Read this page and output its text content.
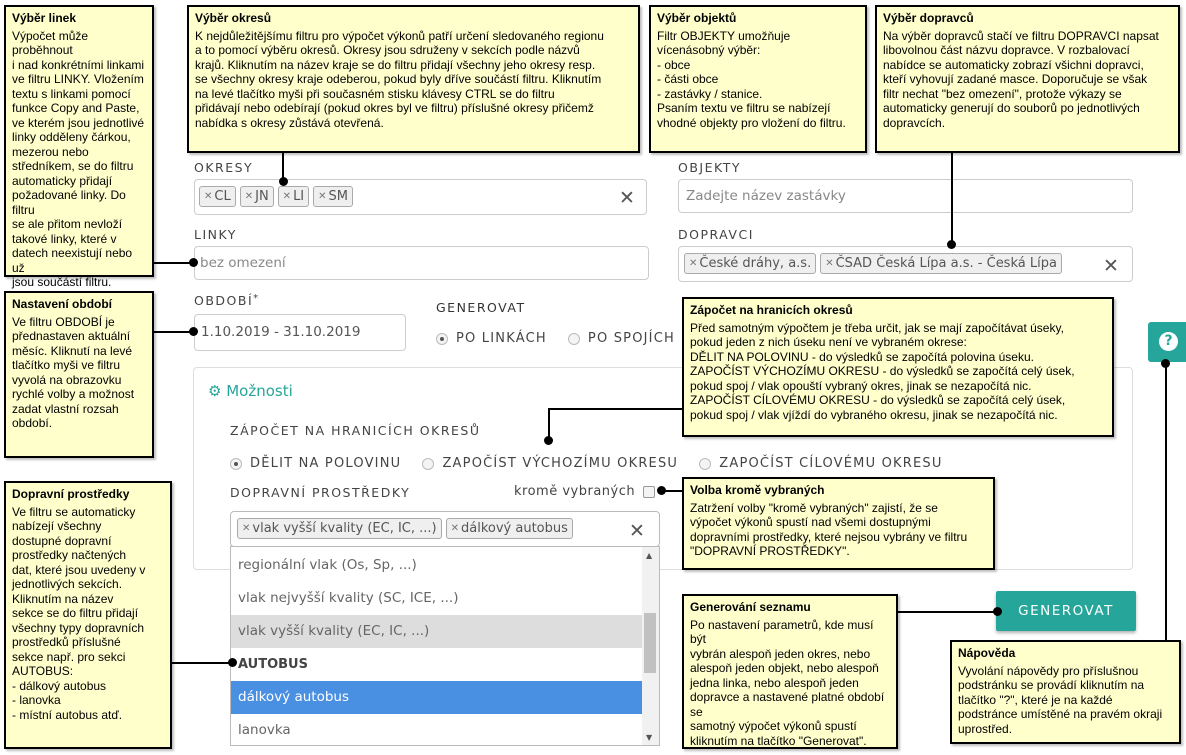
OKRESY
✕ CL ✕ JN ✕ LI ✕ SM	✕
OBJEKTY
Zadejte název zastávky
LINKY
bez omezení
DOPRAVCI
✕ České dráhy, a.s. ✕ ČSAD Česká Lípa a.s. - Česká Lípa ✕
OBDOBÍ*
1.10.2019 - 31.10.2019
GENEROVAT
PO LINKÁCH	PO SPOJÍCH
⚙ Možnosti
ZÁPOČET NA HRANICÍCH OKRESŮ
DĚLIT NA POLOVINU	ZAPOČÍST VÝCHOZÍMU OKRESU	ZAPOČÍST CÍLOVÉMU OKRESU
DOPRAVNÍ PROSTŘEDKY	kromě vybraných
✕ vlak vyšší kvality (EC, IC, ...) ✕ dálkový autobus	✕
regionální vlak (Os, Sp, ...)
vlak nejvyšší kvality (SC, ICE, ...)
vlak vyšší kvality (EC, IC, ...)
AUTOBUS
dálkový autobus
lanovka
▲
▼
GENEROVAT
?
Výběr linek
Výpočet může proběhnout
i nad konkrétními linkami
ve filtru LINKY. Vložením
textu s linkami pomocí
funkce Copy and Paste,
ve kterém jsou jednotlivé
linky odděleny čárkou,
mezerou nebo
středníkem, se do filtru
automaticky přidají
požadované linky. Do filtru
se ale přitom nevloží
takové linky, které v
datech neexistují nebo už
jsou součástí filtru.
Výběr okresů
K nejdůležitějšímu filtru pro výpočet výkonů patří určení sledovaného regionu
a to pomocí výběru okresů. Okresy jsou sdruženy v sekcích podle názvů
krajů. Kliknutím na název kraje se do filtru přidají všechny jeho okresy resp.
se všechny okresy kraje odeberou, pokud byly dříve součástí filtru. Kliknutím
na levé tlačítko myši při současném stisku klávesy CTRL se do filtru
přidávají nebo odebírají (pokud okres byl ve filtru) příslušné okresy přičemž
nabídka s okresy zůstává otevřená.
Výběr objektů
Filtr OBJEKTY umožňuje
vícenásobný výběr:
- obce
- části obce
- zastávky / stanice.
Psaním textu ve filtru se nabízejí
vhodné objekty pro vložení do filtru.
Výběr dopravců
Na výběr dopravců stačí ve filtru DOPRAVCI napsat
libovolnou část názvu dopravce. V rozbalovací
nabídce se automaticky zobrazí všichni dopravci,
kteří vyhovují zadané masce. Doporučuje se však
filtr nechat "bez omezení", protože výkazy se
automaticky generují do souborů po jednotlivých
dopravcích.
Nastavení období
Ve filtru OBDOBÍ je
přednastaven aktuální
měsíc. Kliknutí na levé
tlačítko myši ve filtru
vyvolá na obrazovku
rychlé volby a možnost
zadat vlastní rozsah
období.
Zápočet na hranicích okresů
Před samotným výpočtem je třeba určit, jak se mají započítávat úseky,
pokud jeden z nich úseku není ve vybraném okrese:
DĚLIT NA POLOVINU - do výsledků se započítá polovina úseku.
ZAPOČÍST VÝCHOZÍMU OKRESU - do výsledků se započítá celý úsek,
pokud spoj / vlak opouští vybraný okres, jinak se nezapočítá nic.
ZAPOČÍST CÍLOVÉMU OKRESU - do výsledků se započítá celý úsek,
pokud spoj / vlak vjíždí do vybraného okresu, jinak se nezapočítá nic.
Dopravní prostředky
Ve filtru se automaticky
nabízejí všechny
dostupné dopravní
prostředky načtených
dat, které jsou uvedeny v
jednotlivých sekcích.
Kliknutím na název
sekce se do filtru přidají
všechny typy dopravních
prostředků příslušné
sekce např. pro sekci
AUTOBUS:
- dálkový autobus
- lanovka
- místní autobus atď.
Volba kromě vybraných
Zatržení volby "kromě vybraných" zajistí, že se
výpočet výkonů spustí nad všemi dostupnými
dopravními prostředky, které nejsou vybrány ve filtru
"DOPRAVNÍ PROSTŘEDKY".
Generování seznamu
Po nastavení parametrů, kde musí být
vybrán alespoň jeden okres, nebo
alespoň jeden objekt, nebo alespoň
jedna linka, nebo alespoň jeden
dopravce a nastavené platné období se
samotný výpočet výkonů spustí
kliknutím na tlačítko "Generovat".
Nápověda
Vyvolání nápovědy pro příslušnou
podstránku se provádí kliknutím na
tlačítko "?", které je na každé
podstránce umístěné na pravém okraji
uprostřed.
